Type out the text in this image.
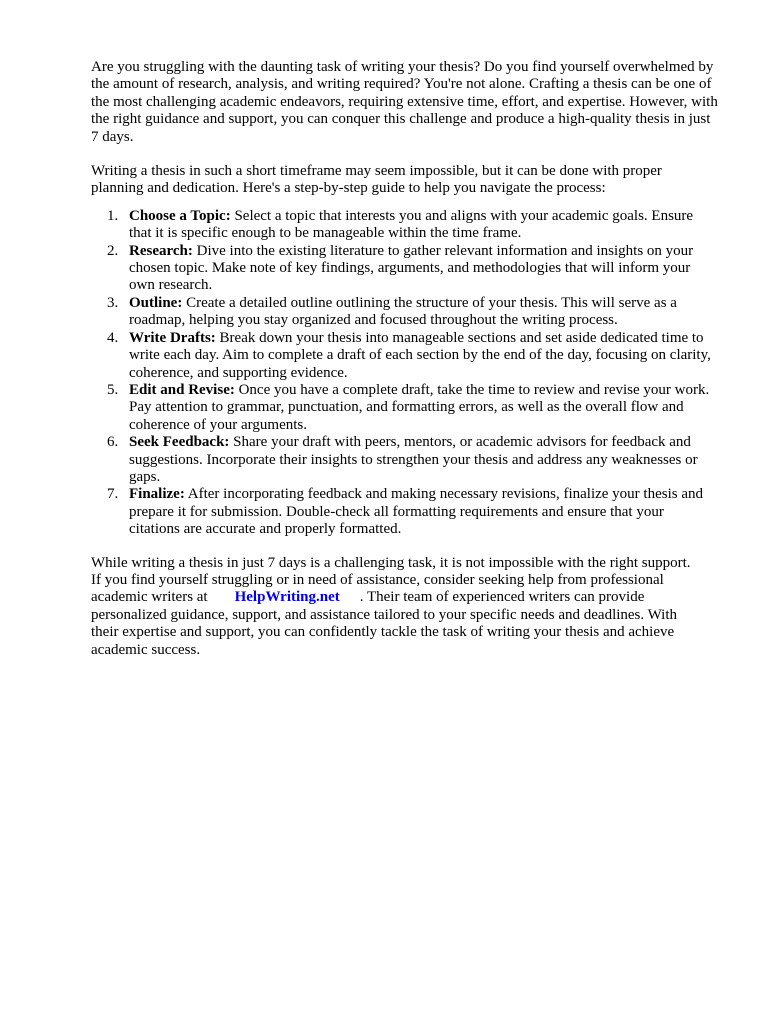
Are you struggling with the daunting task of writing your thesis? Do you find yourself overwhelmed by the amount of research, analysis, and writing required? You're not alone. Crafting a thesis can be one of the most challenging academic endeavors, requiring extensive time, effort, and expertise. However, with the right guidance and support, you can conquer this challenge and produce a high-quality thesis in just 7 days.

Writing a thesis in such a short timeframe may seem impossible, but it can be done with proper planning and dedication. Here's a step-by-step guide to help you navigate the process:

1. Choose a Topic: Select a topic that interests you and aligns with your academic goals. Ensure that it is specific enough to be manageable within the time frame.
2. Research: Dive into the existing literature to gather relevant information and insights on your chosen topic. Make note of key findings, arguments, and methodologies that will inform your own research.
3. Outline: Create a detailed outline outlining the structure of your thesis. This will serve as a roadmap, helping you stay organized and focused throughout the writing process.
4. Write Drafts: Break down your thesis into manageable sections and set aside dedicated time to write each day. Aim to complete a draft of each section by the end of the day, focusing on clarity, coherence, and supporting evidence.
5. Edit and Revise: Once you have a complete draft, take the time to review and revise your work. Pay attention to grammar, punctuation, and formatting errors, as well as the overall flow and coherence of your arguments.
6. Seek Feedback: Share your draft with peers, mentors, or academic advisors for feedback and suggestions. Incorporate their insights to strengthen your thesis and address any weaknesses or gaps.
7. Finalize: After incorporating feedback and making necessary revisions, finalize your thesis and prepare it for submission. Double-check all formatting requirements and ensure that your citations are accurate and properly formatted.

While writing a thesis in just 7 days is a challenging task, it is not impossible with the right support.
If you find yourself struggling or in need of assistance, consider seeking help from professional
academic writers at HelpWriting.net . Their team of experienced writers can provide
personalized guidance, support, and assistance tailored to your specific needs and deadlines. With
their expertise and support, you can confidently tackle the task of writing your thesis and achieve
academic success.
